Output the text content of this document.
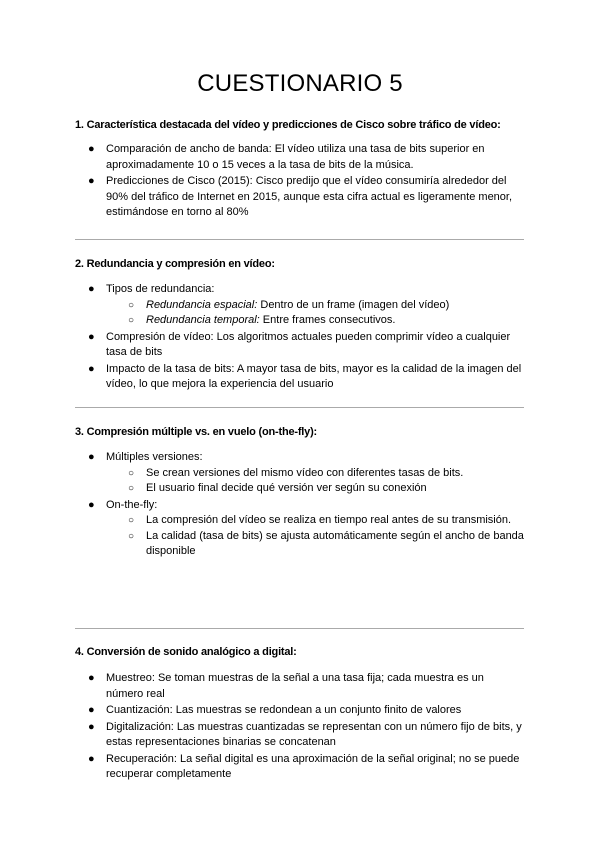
CUESTIONARIO 5

1. Característica destacada del vídeo y predicciones de Cisco sobre tráfico de vídeo:

● Comparación de ancho de banda: El vídeo utiliza una tasa de bits superior en aproximadamente 10 o 15 veces a la tasa de bits de la música.
● Predicciones de Cisco (2015): Cisco predijo que el vídeo consumiría alrededor del 90% del tráfico de Internet en 2015, aunque esta cifra actual es ligeramente menor, estimándose en torno al 80%

2. Redundancia y compresión en vídeo:

● Tipos de redundancia:
○ Redundancia espacial: Dentro de un frame (imagen del vídeo)
○ Redundancia temporal: Entre frames consecutivos.
● Compresión de vídeo: Los algoritmos actuales pueden comprimir vídeo a cualquier tasa de bits
● Impacto de la tasa de bits: A mayor tasa de bits, mayor es la calidad de la imagen del vídeo, lo que mejora la experiencia del usuario

3. Compresión múltiple vs. en vuelo (on-the-fly):

● Múltiples versiones:
○ Se crean versiones del mismo vídeo con diferentes tasas de bits.
○ El usuario final decide qué versión ver según su conexión
● On-the-fly:
○ La compresión del vídeo se realiza en tiempo real antes de su transmisión.
○ La calidad (tasa de bits) se ajusta automáticamente según el ancho de banda disponible

4. Conversión de sonido analógico a digital:

● Muestreo: Se toman muestras de la señal a una tasa fija; cada muestra es un número real
● Cuantización: Las muestras se redondean a un conjunto finito de valores
● Digitalización: Las muestras cuantizadas se representan con un número fijo de bits, y estas representaciones binarias se concatenan
● Recuperación: La señal digital es una aproximación de la señal original; no se puede recuperar completamente
